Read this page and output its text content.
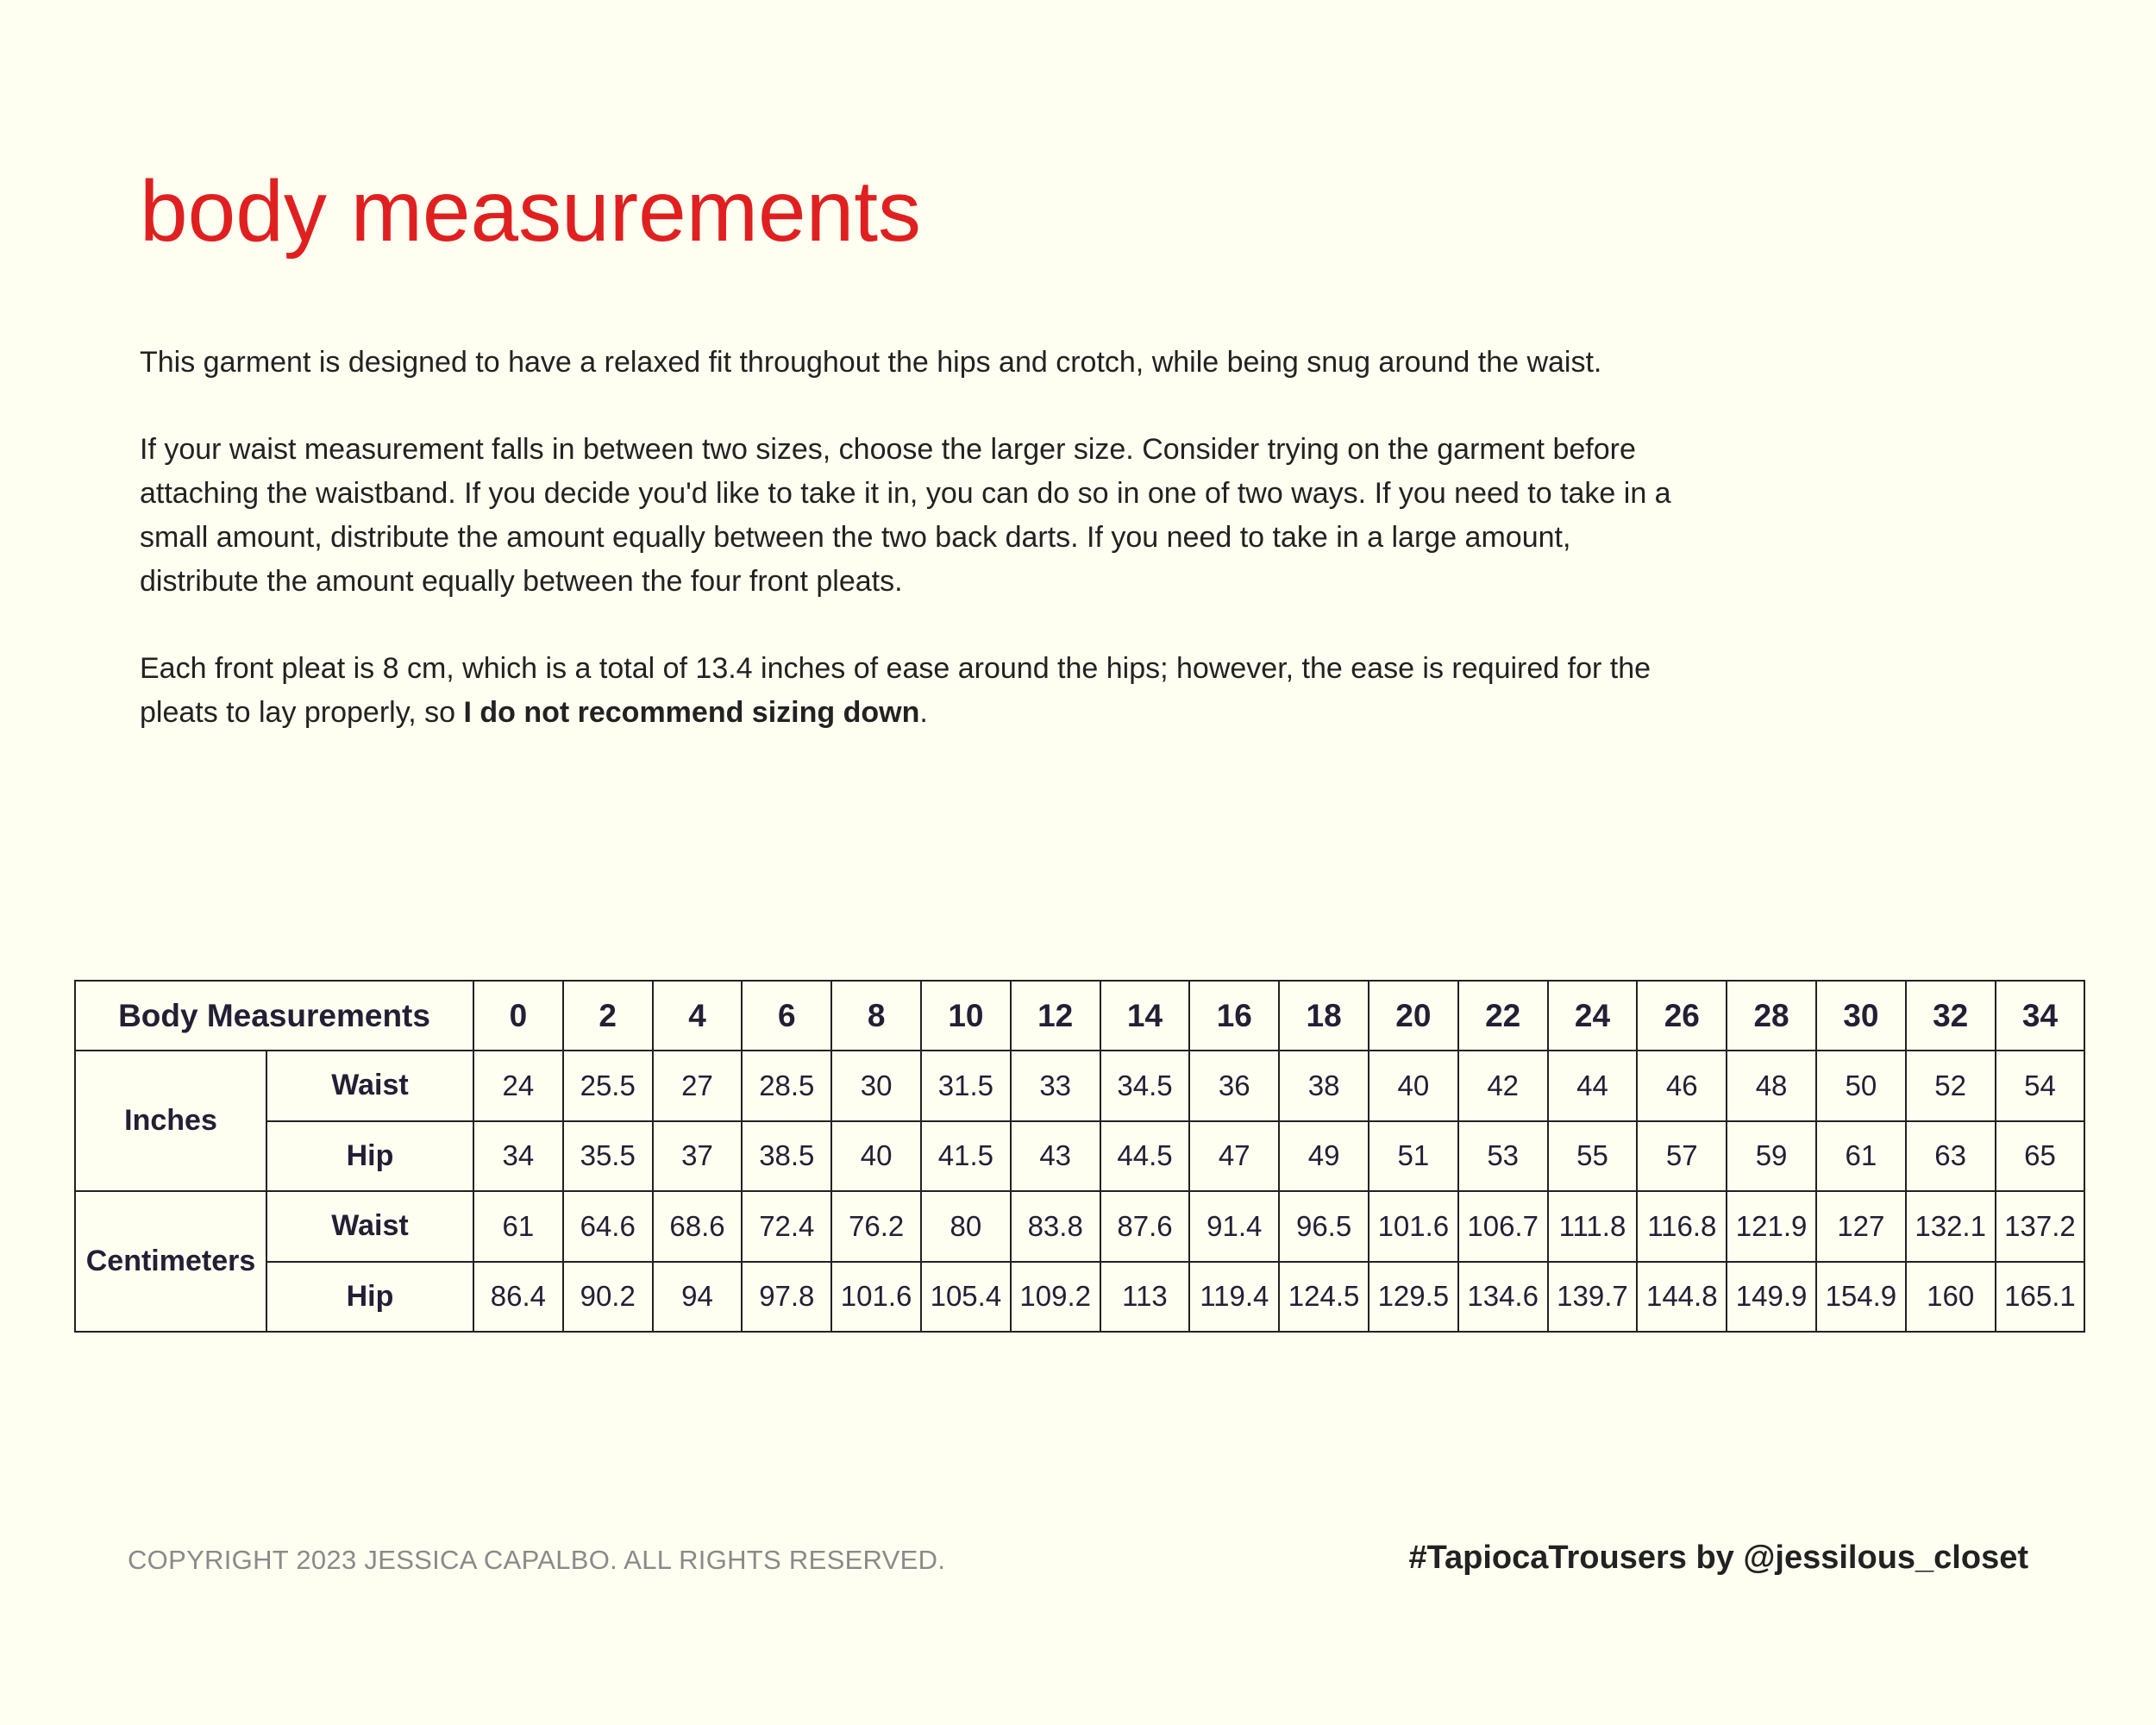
body measurements

This garment is designed to have a relaxed fit throughout the hips and crotch, while being snug around the waist.

If your waist measurement falls in between two sizes, choose the larger size. Consider trying on the garment before attaching the waistband. If you decide you'd like to take it in, you can do so in one of two ways. If you need to take in a small amount, distribute the amount equally between the two back darts. If you need to take in a large amount, distribute the amount equally between the four front pleats.

Each front pleat is 8 cm, which is a total of 13.4 inches of ease around the hips; however, the ease is required for the pleats to lay properly, so I do not recommend sizing down.

Body Measurements		0	2	4	6	8	10	12	14	16	18	20	22	24	26	28	30	32	34
Inches	Waist	24	25.5	27	28.5	30	31.5	33	34.5	36	38	40	42	44	46	48	50	52	54
	Hip	34	35.5	37	38.5	40	41.5	43	44.5	47	49	51	53	55	57	59	61	63	65
Centimeters	Waist	61	64.6	68.6	72.4	76.2	80	83.8	87.6	91.4	96.5	101.6	106.7	111.8	116.8	121.9	127	132.1	137.2
	Hip	86.4	90.2	94	97.8	101.6	105.4	109.2	113	119.4	124.5	129.5	134.6	139.7	144.8	149.9	154.9	160	165.1
COPYRIGHT 2023 JESSICA CAPALBO. ALL RIGHTS RESERVED.	#TapiocaTrousers by @jessilous_closet
